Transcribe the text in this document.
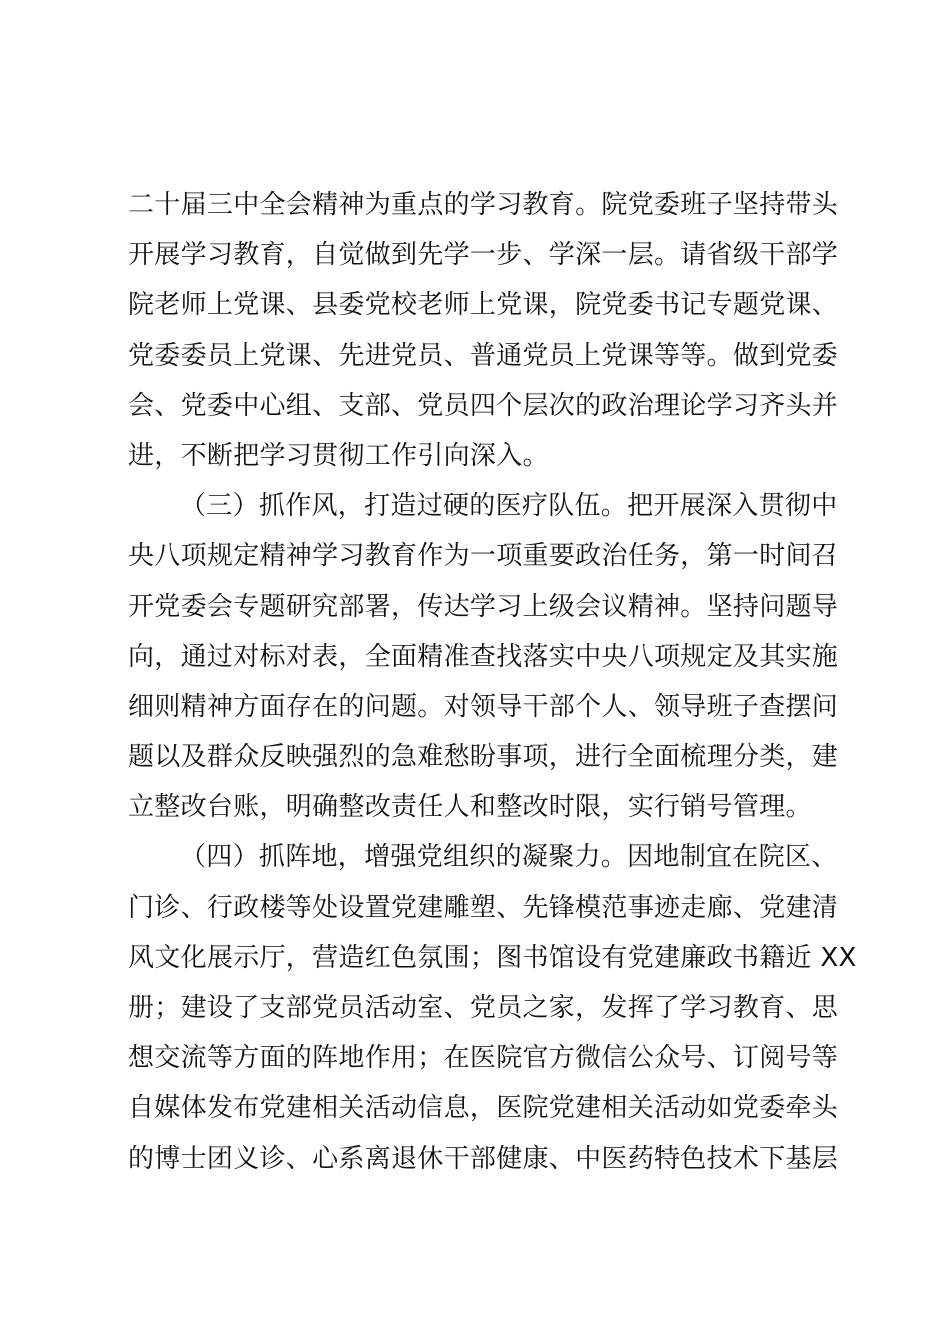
二十届三中全会精神为重点的学习教育。院党委班子坚持带头
开展学习教育，自觉做到先学一步、学深一层。请省级干部学
院老师上党课、县委党校老师上党课，院党委书记专题党课、
党委委员上党课、先进党员、普通党员上党课等等。做到党委
会、党委中心组、支部、党员四个层次的政治理论学习齐头并
进，不断把学习贯彻工作引向深入。
（三）抓作风，打造过硬的医疗队伍。把开展深入贯彻中
央八项规定精神学习教育作为一项重要政治任务，第一时间召
开党委会专题研究部署，传达学习上级会议精神。坚持问题导
向，通过对标对表，全面精准查找落实中央八项规定及其实施
细则精神方面存在的问题。对领导干部个人、领导班子查摆问
题以及群众反映强烈的急难愁盼事项，进行全面梳理分类，建
立整改台账，明确整改责任人和整改时限，实行销号管理。
（四）抓阵地，增强党组织的凝聚力。因地制宜在院区、
门诊、行政楼等处设置党建雕塑、先锋模范事迹走廊、党建清
风文化展示厅，营造红色氛围；图书馆设有党建廉政书籍近 XX
册；建设了支部党员活动室、党员之家，发挥了学习教育、思
想交流等方面的阵地作用；在医院官方微信公众号、订阅号等
自媒体发布党建相关活动信息，医院党建相关活动如党委牵头
的博士团义诊、心系离退休干部健康、中医药特色技术下基层
